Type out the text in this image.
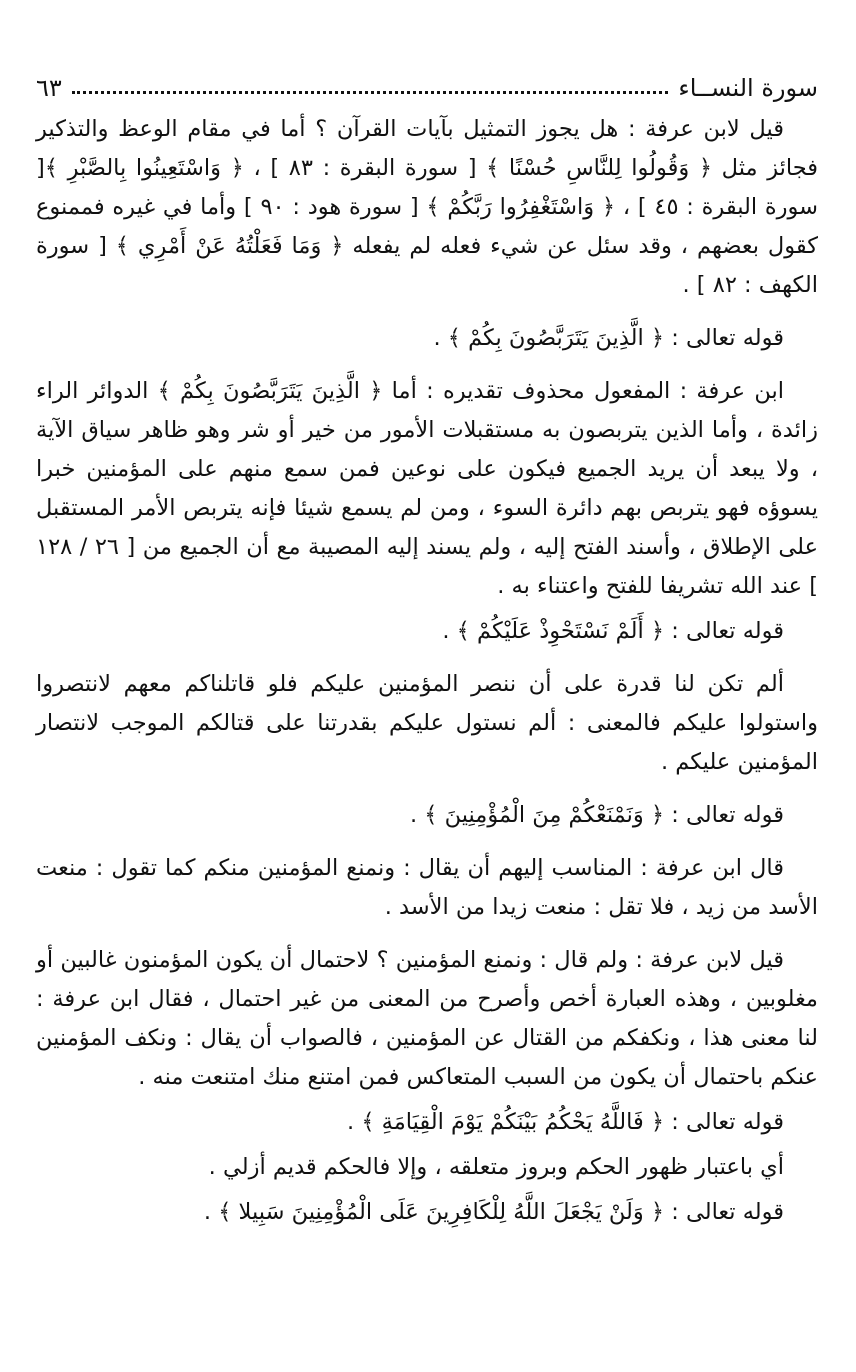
سورة النســاء
٦٣

قيل لابن عرفة : هل يجوز التمثيل بآيات القرآن ؟ أما في مقام الوعظ والتذكير فجائز مثل ﴿ وَقُولُوا لِلنَّاسِ حُسْنًا ﴾ [ سورة البقرة : ٨٣ ] ، ﴿ وَاسْتَعِينُوا بِالصَّبْرِ ﴾[ سورة البقرة : ٤٥ ] ، ﴿ وَاسْتَغْفِرُوا رَبَّكُمْ ﴾ [ سورة هود : ٩٠ ] وأما في غيره فممنوع كقول بعضهم ، وقد سئل عن شيء فعله لم يفعله ﴿ وَمَا فَعَلْتُهُ عَنْ أَمْرِي ﴾ [ سورة الكهف : ٨٢ ] .

قوله تعالى : ﴿ الَّذِينَ يَتَرَبَّصُونَ بِكُمْ ﴾ .

ابن عرفة : المفعول محذوف تقديره : أما ﴿ الَّذِينَ يَتَرَبَّصُونَ بِكُمْ ﴾ الدوائر الراء زائدة ، وأما الذين يتربصون به مستقبلات الأمور من خير أو شر وهو ظاهر سياق الآية ، ولا يبعد أن يريد الجميع فيكون على نوعين فمن سمع منهم على المؤمنين خبرا يسوؤه فهو يتربص بهم دائرة السوء ، ومن لم يسمع شيئا فإنه يتربص الأمر المستقبل على الإطلاق ، وأسند الفتح إليه ، ولم يسند إليه المصيبة مع أن الجميع من [ ٢٦ / ١٢٨ ] عند الله تشريفا للفتح واعتناء به .

قوله تعالى : ﴿ أَلَمْ نَسْتَحْوِذْ عَلَيْكُمْ ﴾ .

ألم تكن لنا قدرة على أن ننصر المؤمنين عليكم فلو قاتلناكم معهم لانتصروا واستولوا عليكم فالمعنى : ألم نستول عليكم بقدرتنا على قتالكم الموجب لانتصار المؤمنين عليكم .

قوله تعالى : ﴿ وَنَمْنَعْكُمْ مِنَ الْمُؤْمِنِينَ ﴾ .

قال ابن عرفة : المناسب إليهم أن يقال : ونمنع المؤمنين منكم كما تقول : منعت الأسد من زيد ، فلا تقل : منعت زيدا من الأسد .

قيل لابن عرفة : ولم قال : ونمنع المؤمنين ؟ لاحتمال أن يكون المؤمنون غالبين أو مغلوبين ، وهذه العبارة أخص وأصرح من المعنى من غير احتمال ، فقال ابن عرفة : لنا معنى هذا ، ونكفكم من القتال عن المؤمنين ، فالصواب أن يقال : ونكف المؤمنين عنكم باحتمال أن يكون من السبب المتعاكس فمن امتنع منك امتنعت منه .

قوله تعالى : ﴿ فَاللَّهُ يَحْكُمُ بَيْنَكُمْ يَوْمَ الْقِيَامَةِ ﴾ .

أي باعتبار ظهور الحكم وبروز متعلقه ، وإلا فالحكم قديم أزلي .

قوله تعالى : ﴿ وَلَنْ يَجْعَلَ اللَّهُ لِلْكَافِرِينَ عَلَى الْمُؤْمِنِينَ سَبِيلا ﴾ .
